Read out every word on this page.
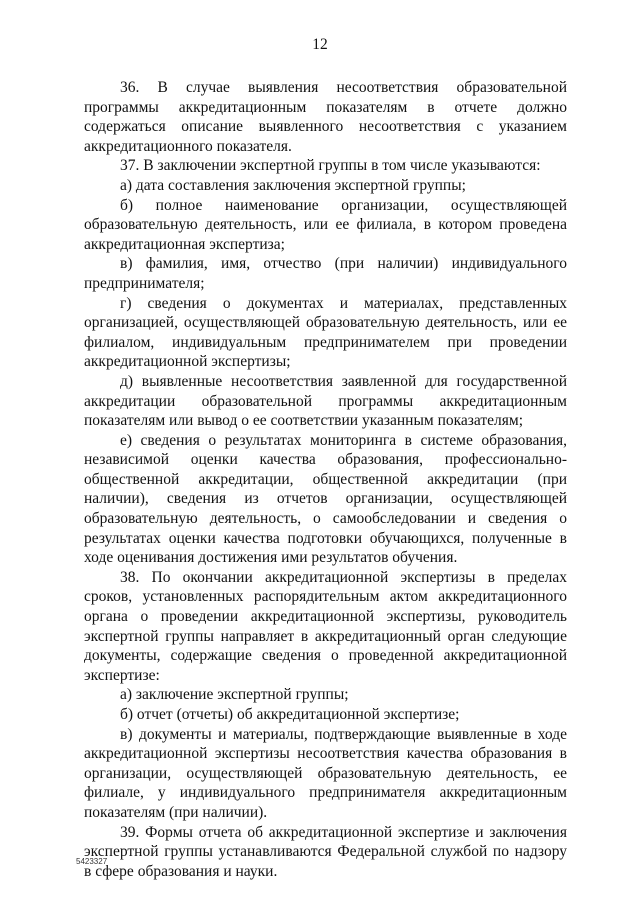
12

36. В случае выявления несоответствия образовательной программы аккредитационным показателям в отчете должно содержаться описание выявленного несоответствия с указанием аккредитационного показателя.

37. В заключении экспертной группы в том числе указываются:

а) дата составления заключения экспертной группы;

б) полное наименование организации, осуществляющей образовательную деятельность, или ее филиала, в котором проведена аккредитационная экспертиза;

в) фамилия, имя, отчество (при наличии) индивидуального предпринимателя;

г) сведения о документах и материалах, представленных организацией, осуществляющей образовательную деятельность, или ее филиалом, индивидуальным предпринимателем при проведении аккредитационной экспертизы;

д) выявленные несоответствия заявленной для государственной аккредитации образовательной программы аккредитационным показателям или вывод о ее соответствии указанным показателям;

е) сведения о результатах мониторинга в системе образования, независимой оценки качества образования, профессионально-общественной аккредитации, общественной аккредитации (при наличии), сведения из отчетов организации, осуществляющей образовательную деятельность, о самообследовании и сведения о результатах оценки качества подготовки обучающихся, полученные в ходе оценивания достижения ими результатов обучения.

38. По окончании аккредитационной экспертизы в пределах сроков, установленных распорядительным актом аккредитационного органа о проведении аккредитационной экспертизы, руководитель экспертной группы направляет в аккредитационный орган следующие документы, содержащие сведения о проведенной аккредитационной экспертизе:

а) заключение экспертной группы;

б) отчет (отчеты) об аккредитационной экспертизе;

в) документы и материалы, подтверждающие выявленные в ходе аккредитационной экспертизы несоответствия качества образования в организации, осуществляющей образовательную деятельность, ее филиале, у индивидуального предпринимателя аккредитационным показателям (при наличии).

39. Формы отчета об аккредитационной экспертизе и заключения экспертной группы устанавливаются Федеральной службой по надзору в сфере образования и науки.

5423327
